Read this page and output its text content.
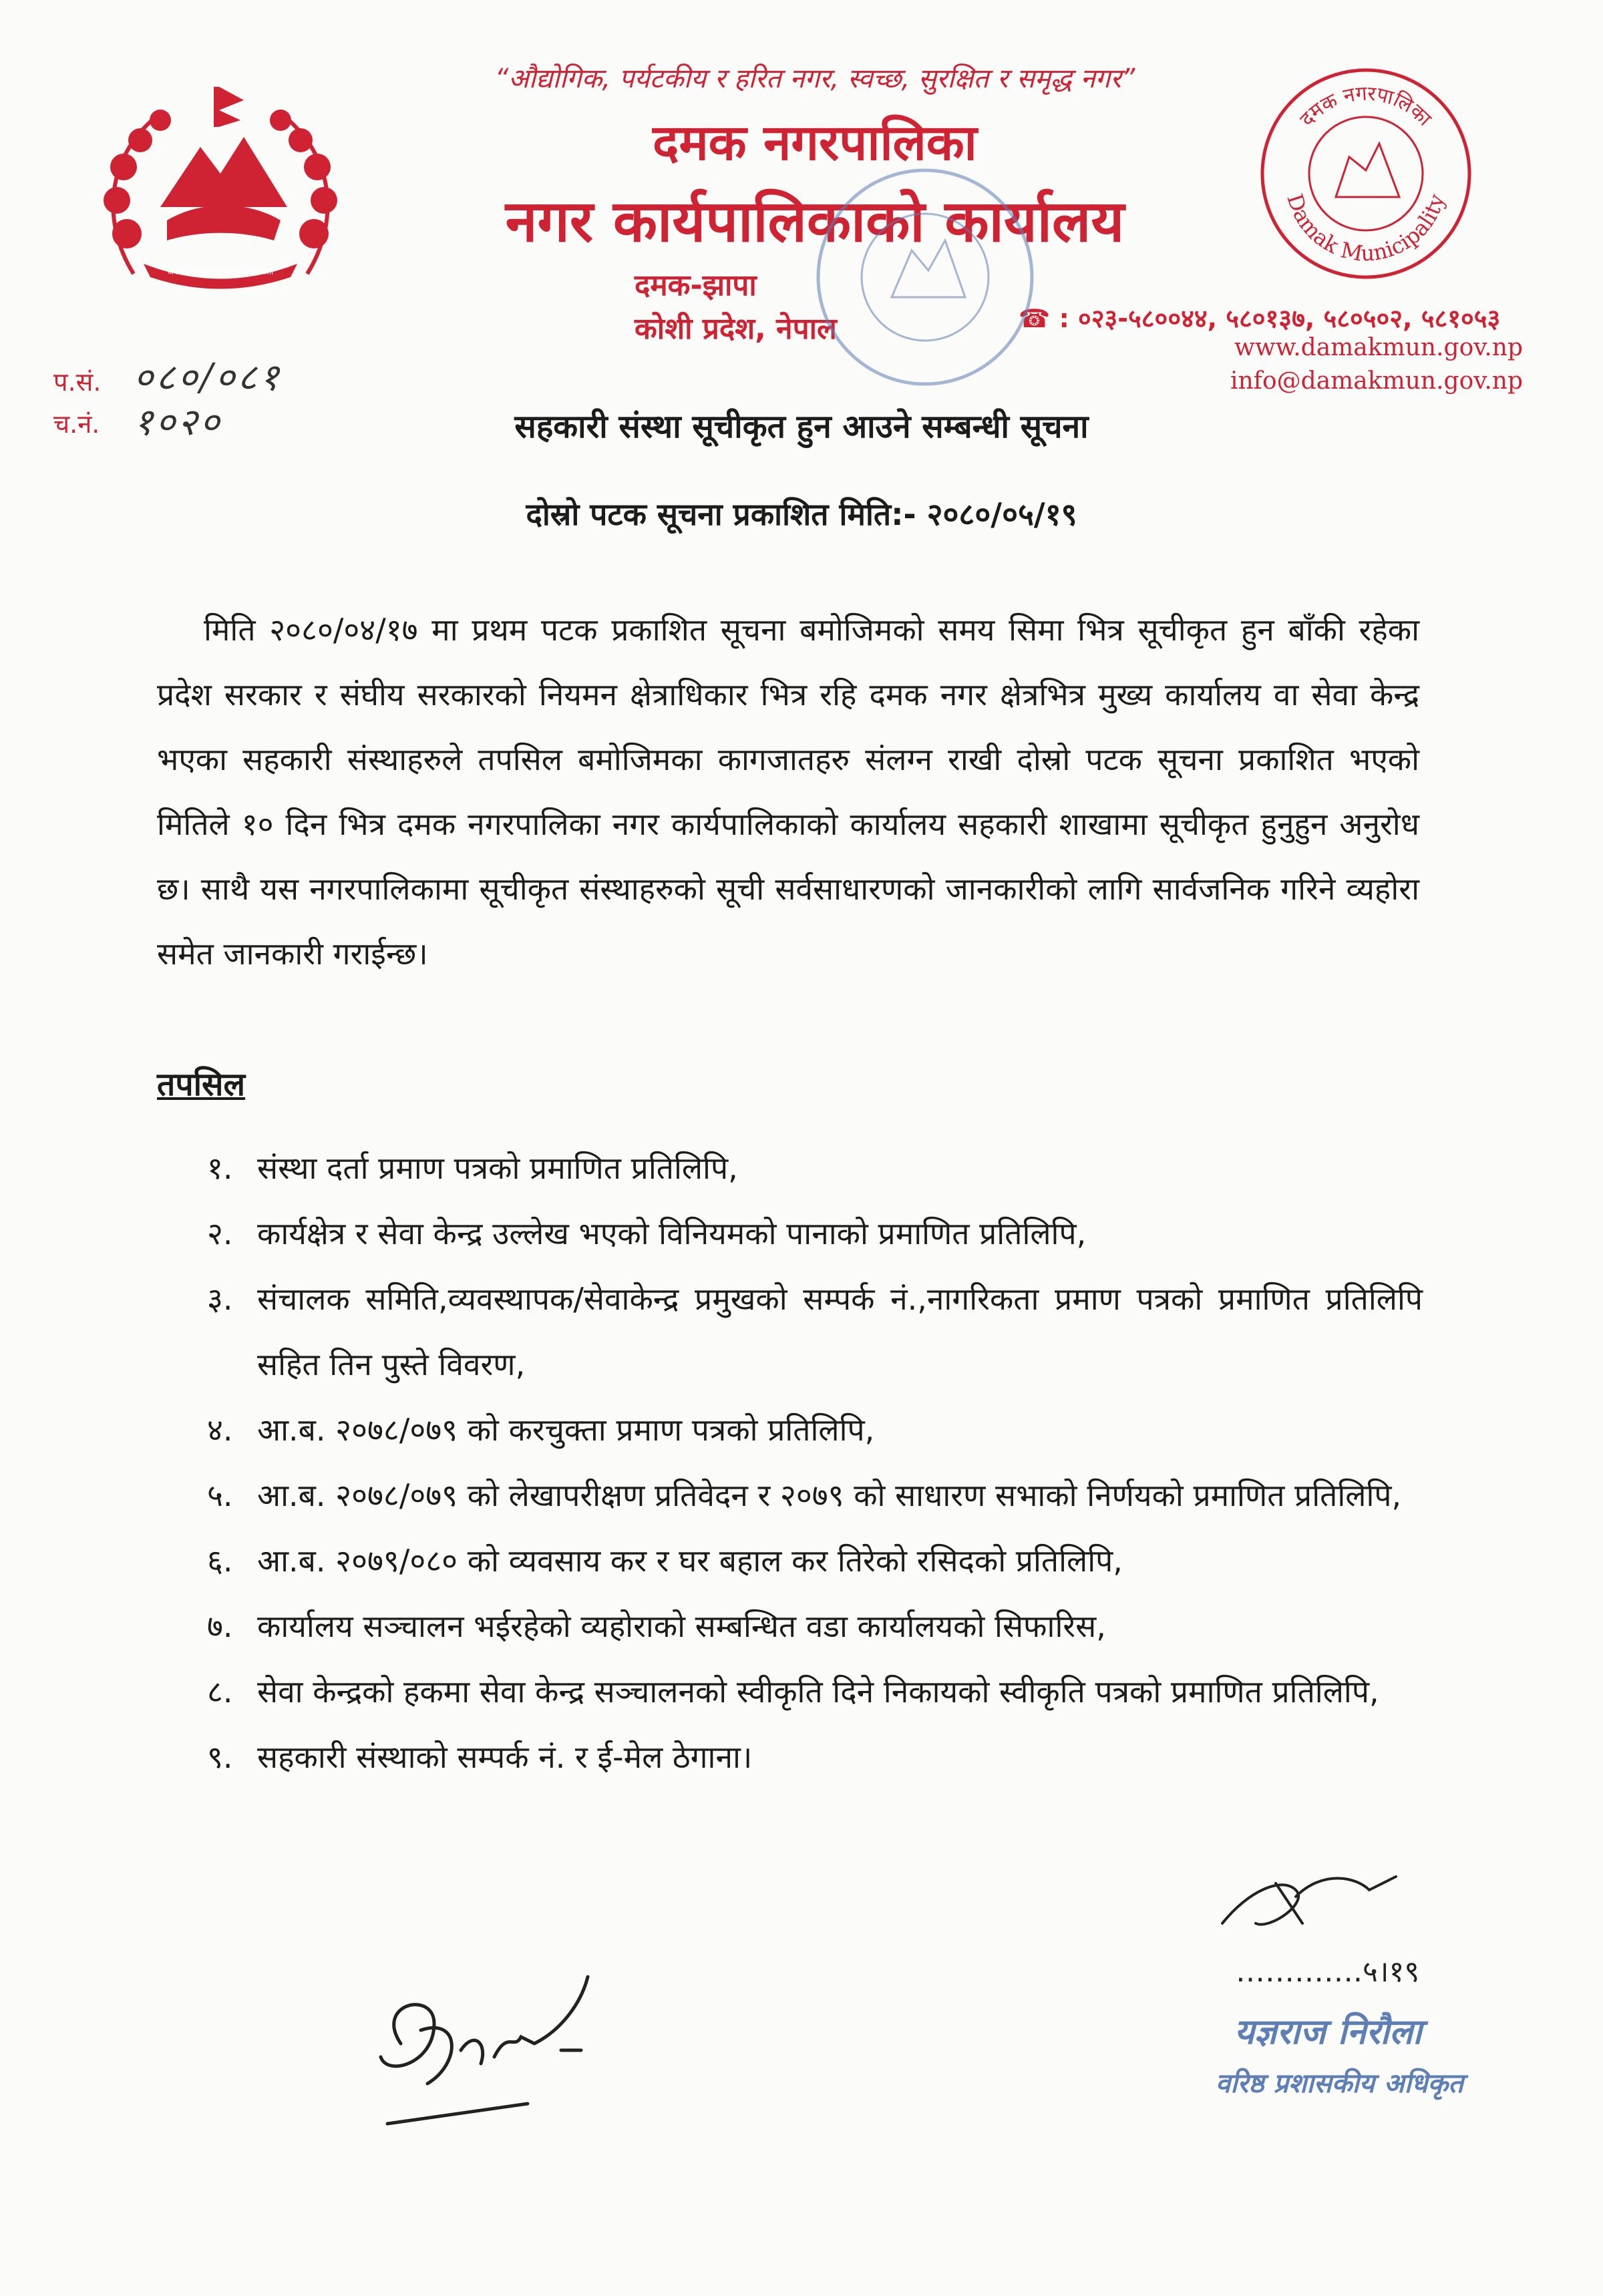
जननी जन्मभूमिश्च स्वर्गादपि गरीयसी
“औद्योगिक, पर्यटकीय र हरित नगर, स्वच्छ, सुरक्षित र समृद्ध नगर”
दमक नगरपालिका
नगर कार्यपालिकाको कार्यालय
दमक-झापा
कोशी प्रदेश, नेपाल	☎ : ०२३-५८००४४, ५८०१३७, ५८०५०२, ५८१०५३
www.damakmun.gov.np
info@damakmun.gov.np
दमक नगरपालिका
Damak Municipality
प.सं. ०८०/०८१
च.नं. १०२०	सहकारी संस्था सूचीकृत हुन आउने सम्बन्धी सूचना
दोस्रो पटक सूचना प्रकाशित मिति:- २०८०/०५/१९
मिति २०८०/०४/१७ मा प्रथम पटक प्रकाशित सूचना बमोजिमको समय सिमा भित्र सूचीकृत हुन बाँकी रहेका प्रदेश सरकार र संघीय सरकारको नियमन क्षेत्राधिकार भित्र रहि दमक नगर क्षेत्रभित्र मुख्य कार्यालय वा सेवा केन्द्र भएका सहकारी संस्थाहरुले तपसिल बमोजिमका कागजातहरु संलग्न राखी दोस्रो पटक सूचना प्रकाशित भएको मितिले १० दिन भित्र दमक नगरपालिका नगर कार्यपालिकाको कार्यालय सहकारी शाखामा सूचीकृत हुनुहुन अनुरोध छ। साथै यस नगरपालिकामा सूचीकृत संस्थाहरुको सूची सर्वसाधारणको जानकारीको लागि सार्वजनिक गरिने व्यहोरा समेत जानकारी गराईन्छ।
तपसिल
१. संस्था दर्ता प्रमाण पत्रको प्रमाणित प्रतिलिपि,
२. कार्यक्षेत्र र सेवा केन्द्र उल्लेख भएको विनियमको पानाको प्रमाणित प्रतिलिपि,
३. संचालक समिति,व्यवस्थापक/सेवाकेन्द्र प्रमुखको सम्पर्क नं.,नागरिकता प्रमाण पत्रको प्रमाणित प्रतिलिपि सहित तिन पुस्ते विवरण,
४. आ.ब. २०७८/०७९ को करचुक्ता प्रमाण पत्रको प्रतिलिपि,
५. आ.ब. २०७८/०७९ को लेखापरीक्षण प्रतिवेदन र २०७९ को साधारण सभाको निर्णयको प्रमाणित प्रतिलिपि,
६. आ.ब. २०७९/०८० को व्यवसाय कर र घर बहाल कर तिरेको रसिदको प्रतिलिपि,
७. कार्यालय सञ्चालन भईरहेको व्यहोराको सम्बन्धित वडा कार्यालयको सिफारिस,
८. सेवा केन्द्रको हकमा सेवा केन्द्र सञ्चालनको स्वीकृति दिने निकायको स्वीकृति पत्रको प्रमाणित प्रतिलिपि,
९. सहकारी संस्थाको सम्पर्क नं. र ई-मेल ठेगाना।
………….५।१९
यज्ञराज निरौला
वरिष्ठ प्रशासकीय अधिकृत
